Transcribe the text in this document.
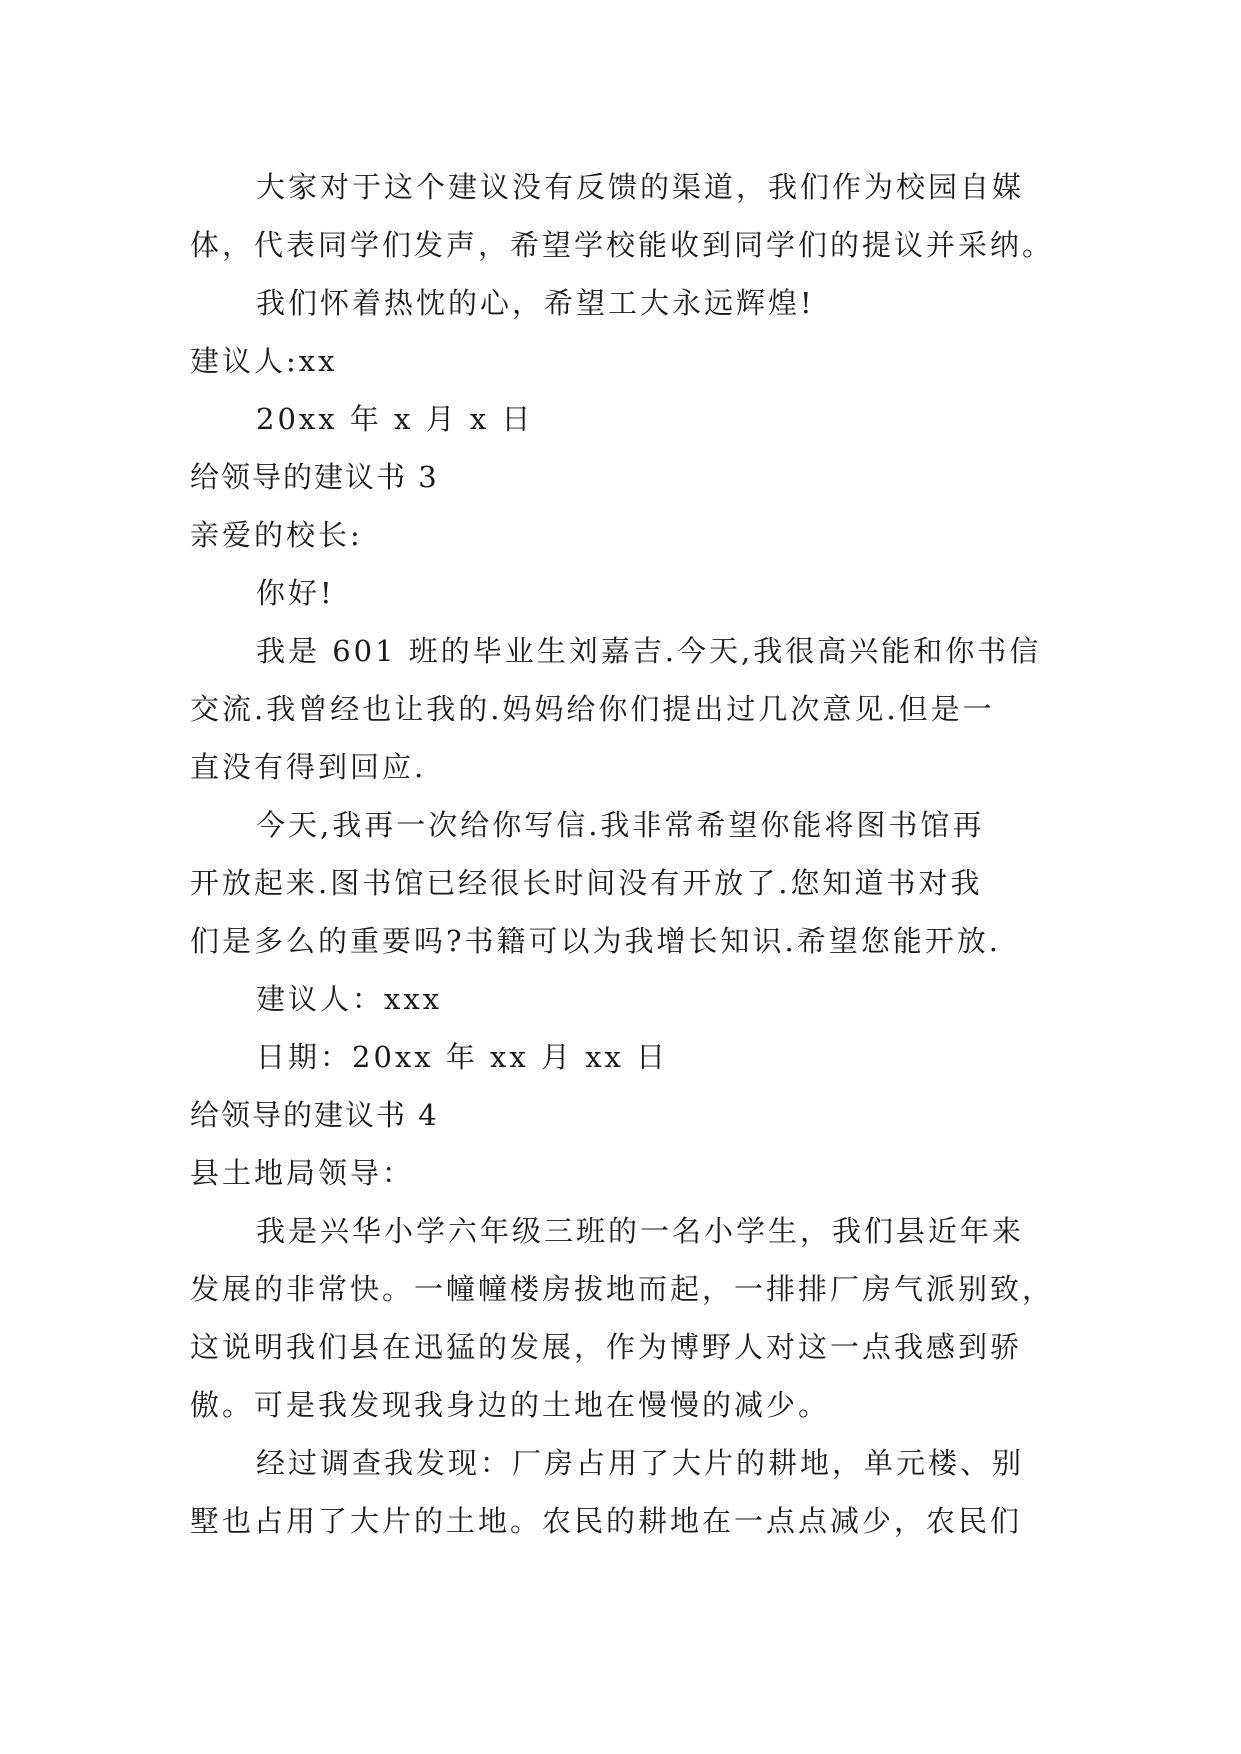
大家对于这个建议没有反馈的渠道，我们作为校园自媒
体，代表同学们发声，希望学校能收到同学们的提议并采纳。
我们怀着热忱的心，希望工大永远辉煌!
建议人:xx
20xx 年 x 月 x 日
给领导的建议书 3
亲爱的校长:
你好!
我是 601 班的毕业生刘嘉吉.今天,我很高兴能和你书信
交流.我曾经也让我的.妈妈给你们提出过几次意见.但是一
直没有得到回应.
今天,我再一次给你写信.我非常希望你能将图书馆再
开放起来.图书馆已经很长时间没有开放了.您知道书对我
们是多么的重要吗?书籍可以为我增长知识.希望您能开放.
建议人：xxx
日期：20xx 年 xx 月 xx 日
给领导的建议书 4
县土地局领导：
我是兴华小学六年级三班的一名小学生，我们县近年来
发展的非常快。一幢幢楼房拔地而起，一排排厂房气派别致，
这说明我们县在迅猛的发展，作为博野人对这一点我感到骄
傲。可是我发现我身边的土地在慢慢的减少。
经过调查我发现：厂房占用了大片的耕地，单元楼、别
墅也占用了大片的土地。农民的耕地在一点点减少，农民们
